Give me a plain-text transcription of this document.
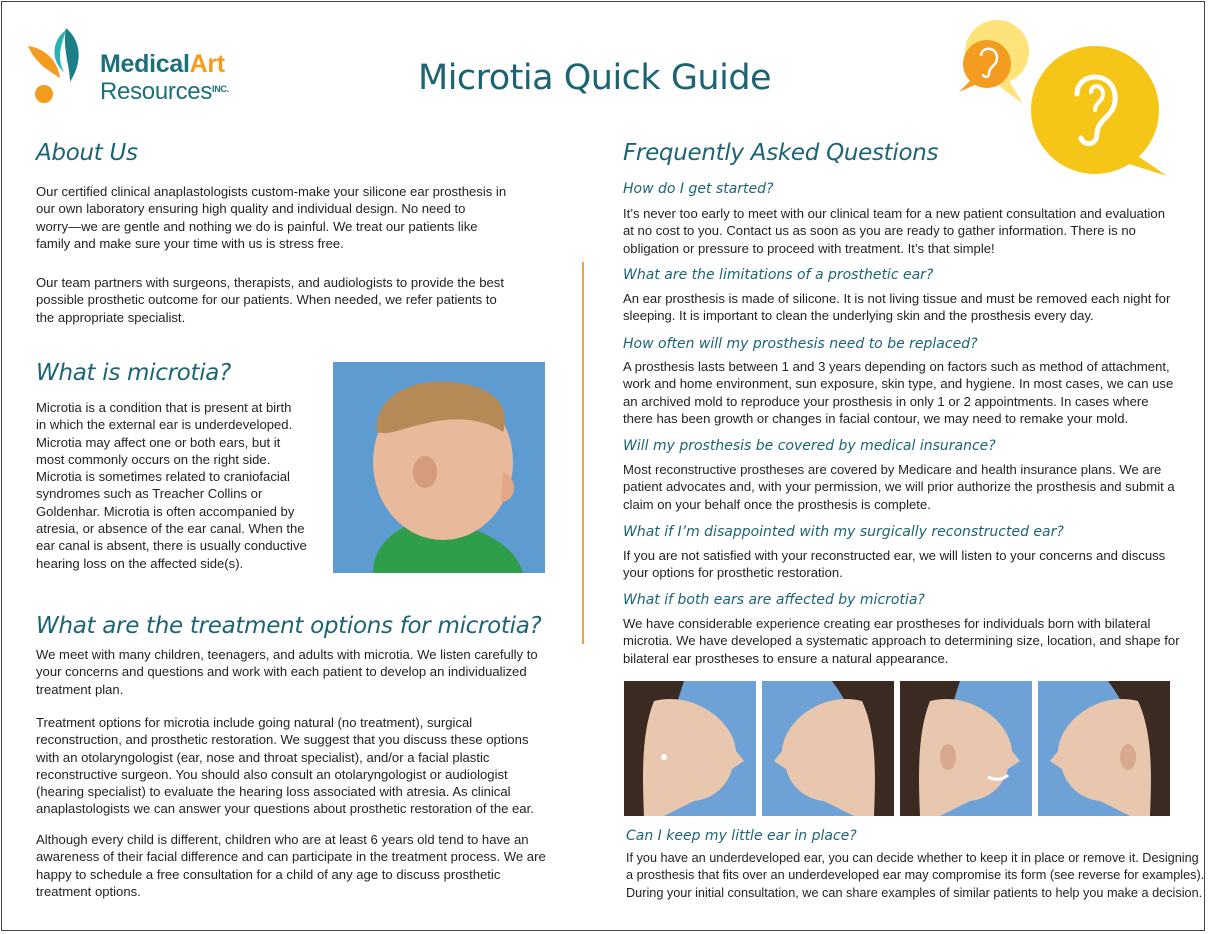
MedicalArt
Resources$^{INC.}$	Microtia Quick Guide
About Us
Our certified clinical anaplastologists custom-make your silicone ear prosthesis in
our own laboratory ensuring high quality and individual design. No need to
worry—we are gentle and nothing we do is painful. We treat our patients like
family and make sure your time with us is stress free.
Our team partners with surgeons, therapists, and audiologists to provide the best
possible prosthetic outcome for our patients. When needed, we refer patients to
the appropriate specialist.
What is microtia?
Microtia is a condition that is present at birth
in which the external ear is underdeveloped.
Microtia may affect one or both ears, but it
most commonly occurs on the right side.
Microtia is sometimes related to craniofacial
syndromes such as Treacher Collins or
Goldenhar. Microtia is often accompanied by
atresia, or absence of the ear canal. When the
ear canal is absent, there is usually conductive
hearing loss on the affected side(s).
What are the treatment options for microtia?
We meet with many children, teenagers, and adults with microtia. We listen carefully to
your concerns and questions and work with each patient to develop an individualized
treatment plan.
Treatment options for microtia include going natural (no treatment), surgical
reconstruction, and prosthetic restoration. We suggest that you discuss these options
with an otolaryngologist (ear, nose and throat specialist), and/or a facial plastic
reconstructive surgeon. You should also consult an otolaryngologist or audiologist
(hearing specialist) to evaluate the hearing loss associated with atresia. As clinical
anaplastologists we can answer your questions about prosthetic restoration of the ear.
Although every child is different, children who are at least 6 years old tend to have an
awareness of their facial difference and can participate in the treatment process. We are
happy to schedule a free consultation for a child of any age to discuss prosthetic
treatment options.
Frequently Asked Questions
How do I get started?
It’s never too early to meet with our clinical team for a new patient consultation and evaluation
at no cost to you. Contact us as soon as you are ready to gather information. There is no
obligation or pressure to proceed with treatment. It’s that simple!
What are the limitations of a prosthetic ear?
An ear prosthesis is made of silicone. It is not living tissue and must be removed each night for
sleeping. It is important to clean the underlying skin and the prosthesis every day.
How often will my prosthesis need to be replaced?
A prosthesis lasts between 1 and 3 years depending on factors such as method of attachment,
work and home environment, sun exposure, skin type, and hygiene. In most cases, we can use
an archived mold to reproduce your prosthesis in only 1 or 2 appointments. In cases where
there has been growth or changes in facial contour, we may need to remake your mold.
Will my prosthesis be covered by medical insurance?
Most reconstructive prostheses are covered by Medicare and health insurance plans. We are
patient advocates and, with your permission, we will prior authorize the prosthesis and submit a
claim on your behalf once the prosthesis is complete.
What if I’m disappointed with my surgically reconstructed ear?
If you are not satisfied with your reconstructed ear, we will listen to your concerns and discuss
your options for prosthetic restoration.
What if both ears are affected by microtia?
We have considerable experience creating ear prostheses for individuals born with bilateral
microtia. We have developed a systematic approach to determining size, location, and shape for
bilateral ear prostheses to ensure a natural appearance.
Can I keep my little ear in place?
If you have an underdeveloped ear, you can decide whether to keep it in place or remove it. Designing
a prosthesis that fits over an underdeveloped ear may compromise its form (see reverse for examples).
During your initial consultation, we can share examples of similar patients to help you make a decision.
